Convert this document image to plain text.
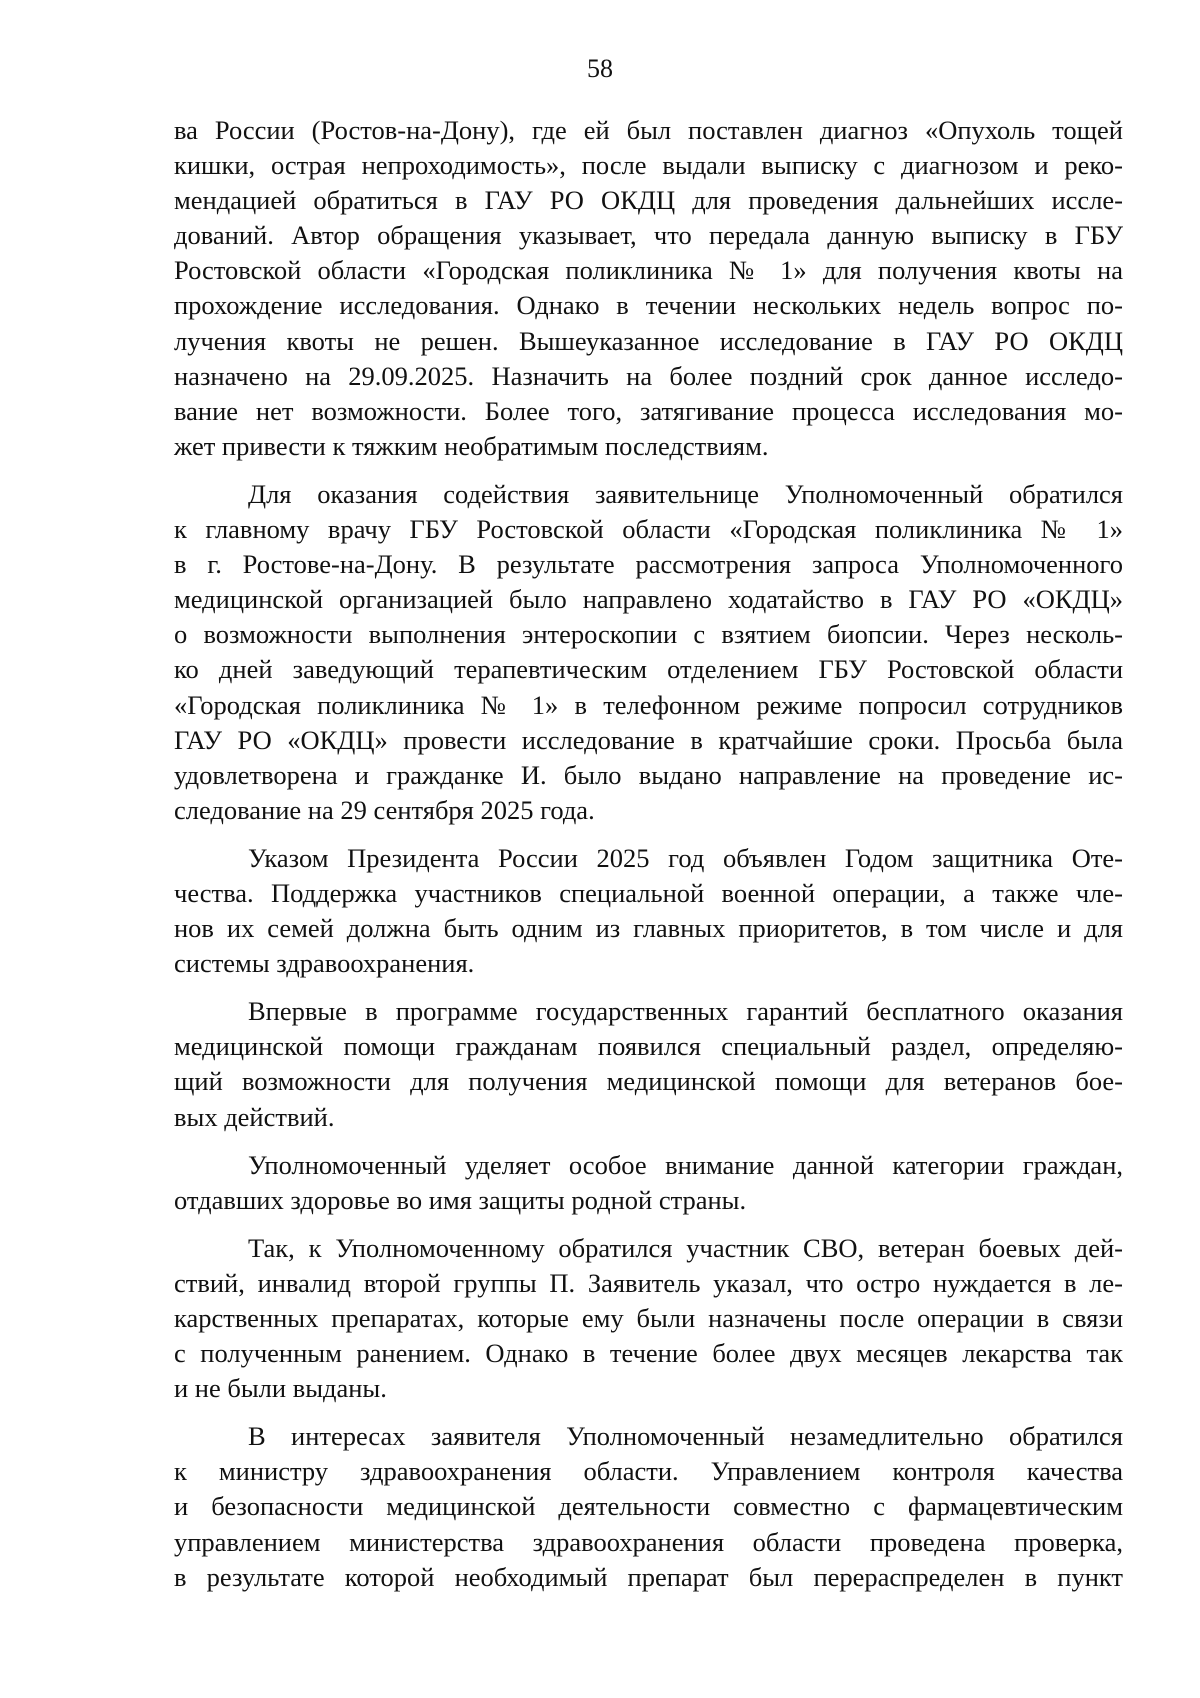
58
ва России (Ростов-на-Дону), где ей был поставлен диагноз «Опухоль тощей
кишки, острая непроходимость», после выдали выписку с диагнозом и реко-
мендацией обратиться в ГАУ РО ОКДЦ для проведения дальнейших иссле-
дований. Автор обращения указывает, что передала данную выписку в ГБУ
Ростовской области «Городская поликлиника № 1» для получения квоты на
прохождение исследования. Однако в течении нескольких недель вопрос по-
лучения квоты не решен. Вышеуказанное исследование в ГАУ РО ОКДЦ
назначено на 29.09.2025. Назначить на более поздний срок данное исследо-
вание нет возможности. Более того, затягивание процесса исследования мо-
жет привести к тяжким необратимым последствиям.
Для оказания содействия заявительнице Уполномоченный обратился
к главному врачу ГБУ Ростовской области «Городская поликлиника № 1»
в г. Ростове-на-Дону. В результате рассмотрения запроса Уполномоченного
медицинской организацией было направлено ходатайство в ГАУ РО «ОКДЦ»
о возможности выполнения энтероскопии с взятием биопсии. Через несколь-
ко дней заведующий терапевтическим отделением ГБУ Ростовской области
«Городская поликлиника № 1» в телефонном режиме попросил сотрудников
ГАУ РО «ОКДЦ» провести исследование в кратчайшие сроки. Просьба была
удовлетворена и гражданке И. было выдано направление на проведение ис-
следование на 29 сентября 2025 года.
Указом Президента России 2025 год объявлен Годом защитника Оте-
чества. Поддержка участников специальной военной операции, а также чле-
нов их семей должна быть одним из главных приоритетов, в том числе и для
системы здравоохранения.
Впервые в программе государственных гарантий бесплатного оказания
медицинской помощи гражданам появился специальный раздел, определяю-
щий возможности для получения медицинской помощи для ветеранов бое-
вых действий.
Уполномоченный уделяет особое внимание данной категории граждан,
отдавших здоровье во имя защиты родной страны.
Так, к Уполномоченному обратился участник СВО, ветеран боевых дей-
ствий, инвалид второй группы П. Заявитель указал, что остро нуждается в ле-
карственных препаратах, которые ему были назначены после операции в связи
с полученным ранением. Однако в течение более двух месяцев лекарства так
и не были выданы.
В интересах заявителя Уполномоченный незамедлительно обратился
к министру здравоохранения области. Управлением контроля качества
и безопасности медицинской деятельности совместно с фармацевтическим
управлением министерства здравоохранения области проведена проверка,
в результате которой необходимый препарат был перераспределен в пункт
